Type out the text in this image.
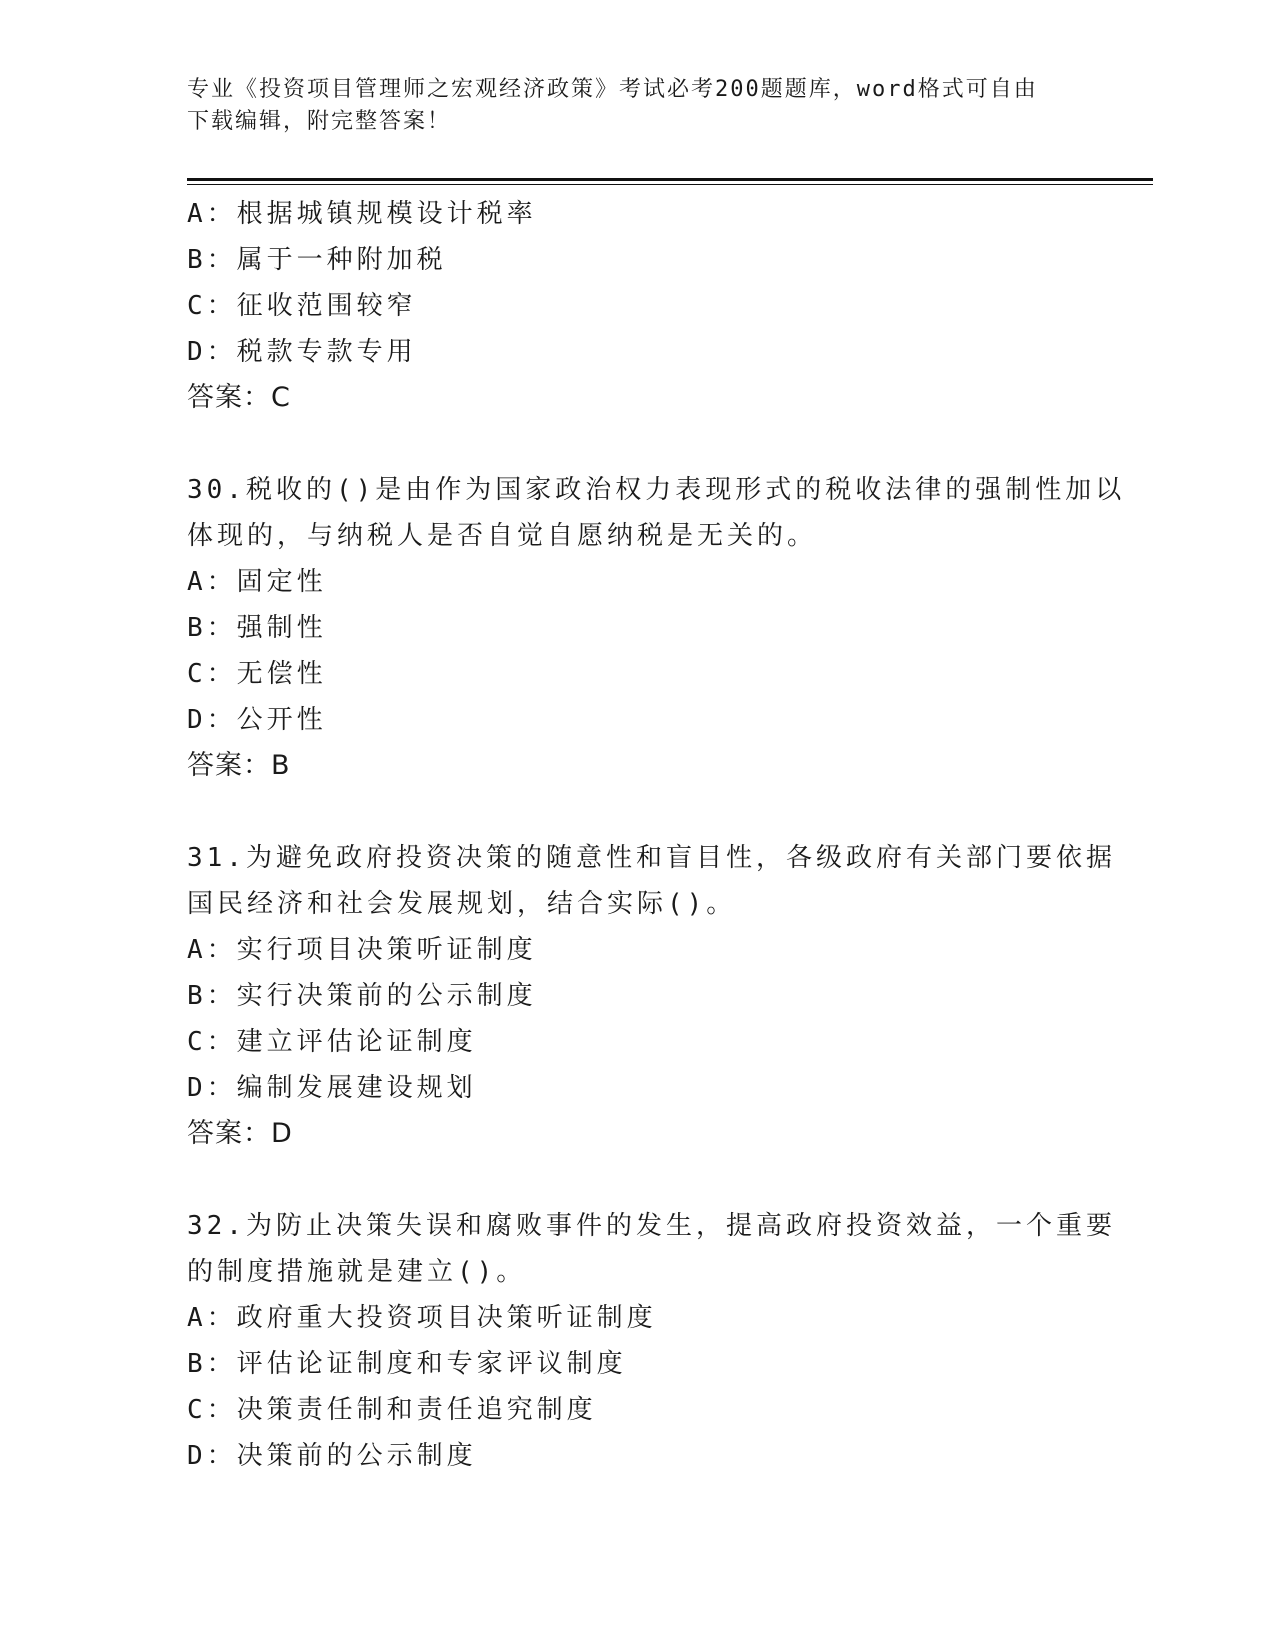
专业《投资项目管理师之宏观经济政策》考试必考200题题库，word格式可自由
下载编辑，附完整答案！
A：根据城镇规模设计税率
B：属于一种附加税
C：征收范围较窄
D：税款专款专用
答案：C
30.税收的()是由作为国家政治权力表现形式的税收法律的强制性加以
体现的，与纳税人是否自觉自愿纳税是无关的。
A：固定性
B：强制性
C：无偿性
D：公开性
答案：B
31.为避免政府投资决策的随意性和盲目性，各级政府有关部门要依据
国民经济和社会发展规划，结合实际()。
A：实行项目决策听证制度
B：实行决策前的公示制度
C：建立评估论证制度
D：编制发展建设规划
答案：D
32.为防止决策失误和腐败事件的发生，提高政府投资效益，一个重要
的制度措施就是建立()。
A：政府重大投资项目决策听证制度
B：评估论证制度和专家评议制度
C：决策责任制和责任追究制度
D：决策前的公示制度
